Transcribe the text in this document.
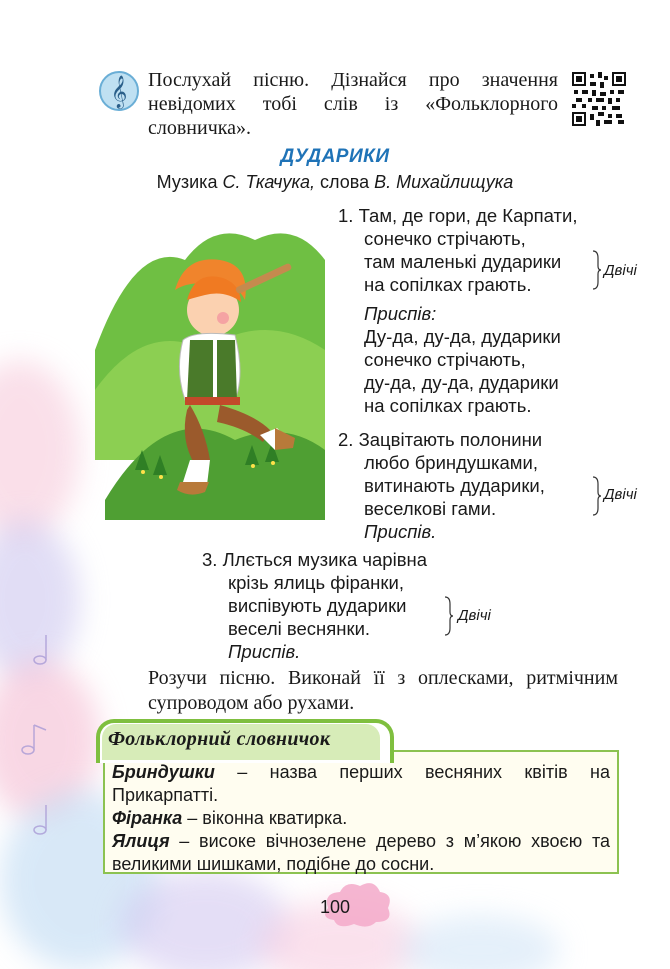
𝄞 Послухай пісню. Дізнайся про значення невідомих тобі слів із «Фольклорного словничка».
ДУДАРИКИ
Музика С. Ткачука, слова В. Михайлищука
1. Там, де гори, де Карпати,
сонечко стрічають,
там маленькі дударики
на сопілках грають.
Двічі
Приспів:
Ду-да, ду-да, дударики
сонечко стрічають,
ду-да, ду-да, дударики
на сопілках грають.
2. Зацвітають полонини
любо бриндушками,
витинають дударики,
веселкові гами.
Приспів.
Двічі
3. Ллється музика чарівна
крізь ялиць фіранки,
виспівують дударики
веселі веснянки.
Приспів.
Двічі
Розучи пісню. Виконай її з оплесками, ритмічним супроводом або рухами.
Фольклорний словничок
Бриндушки – назва перших весняних квітів на Прикарпатті.
Фіранка – віконна кватирка.
Ялиця – високе вічнозелене дерево з м’якою хвоєю та великими шишками, подібне до сосни.
100
